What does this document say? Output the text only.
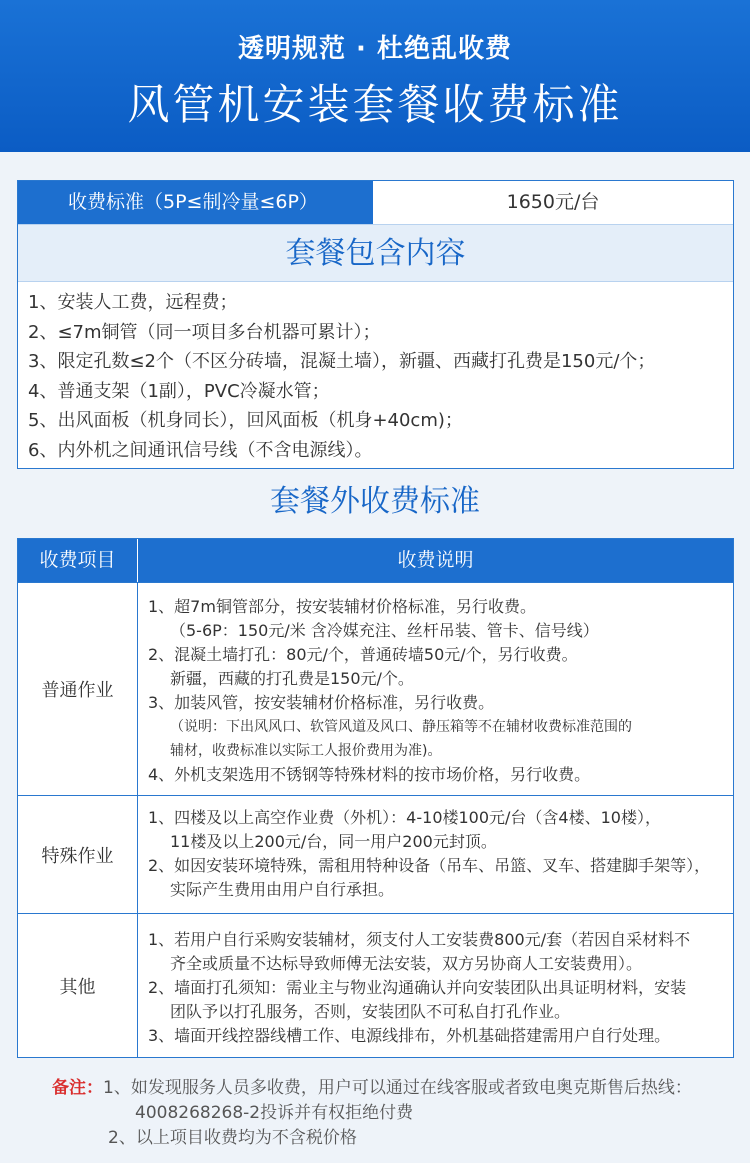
透明规范 · 杜绝乱收费
风管机安装套餐收费标准
收费标准（5P≤制冷量≤6P）	1650元/台
套餐包含内容
1、安装人工费，远程费；
2、≤7m铜管（同一项目多台机器可累计）；
3、限定孔数≤2个（不区分砖墙，混凝土墙），新疆、西藏打孔费是150元/个；
4、普通支架（1副），PVC冷凝水管；
5、出风面板（机身同长），回风面板（机身+40cm)；
6、内外机之间通讯信号线（不含电源线）。
套餐外收费标准
收费项目	收费说明
普通作业
1、超7m铜管部分，按安装辅材价格标准，另行收费。
（5-6P：150元/米 含冷媒充注、丝杆吊装、管卡、信号线）
2、混凝土墙打孔：80元/个，普通砖墙50元/个，另行收费。
新疆，西藏的打孔费是150元/个。
3、加装风管，按安装辅材价格标准，另行收费。
（说明：下出风风口、软管风道及风口、静压箱等不在辅材收费标准范围的
辅材，收费标准以实际工人报价费用为准)。
4、外机支架选用不锈钢等特殊材料的按市场价格，另行收费。
特殊作业
1、四楼及以上高空作业费（外机）：4-10楼100元/台（含4楼、10楼），
11楼及以上200元/台，同一用户200元封顶。
2、如因安装环境特殊，需租用特种设备（吊车、吊篮、叉车、搭建脚手架等），
实际产生费用由用户自行承担。
其他
1、若用户自行采购安装辅材，须支付人工安装费800元/套（若因自采材料不
齐全或质量不达标导致师傅无法安装，双方另协商人工安装费用）。
2、墙面打孔须知：需业主与物业沟通确认并向安装团队出具证明材料，安装
团队予以打孔服务，否则，安装团队不可私自打孔作业。
3、墙面开线控器线槽工作、电源线排布，外机基础搭建需用户自行处理。
备注：1、如发现服务人员多收费，用户可以通过在线客服或者致电奥克斯售后热线：
4008268268-2投诉并有权拒绝付费
2、以上项目收费均为不含税价格
